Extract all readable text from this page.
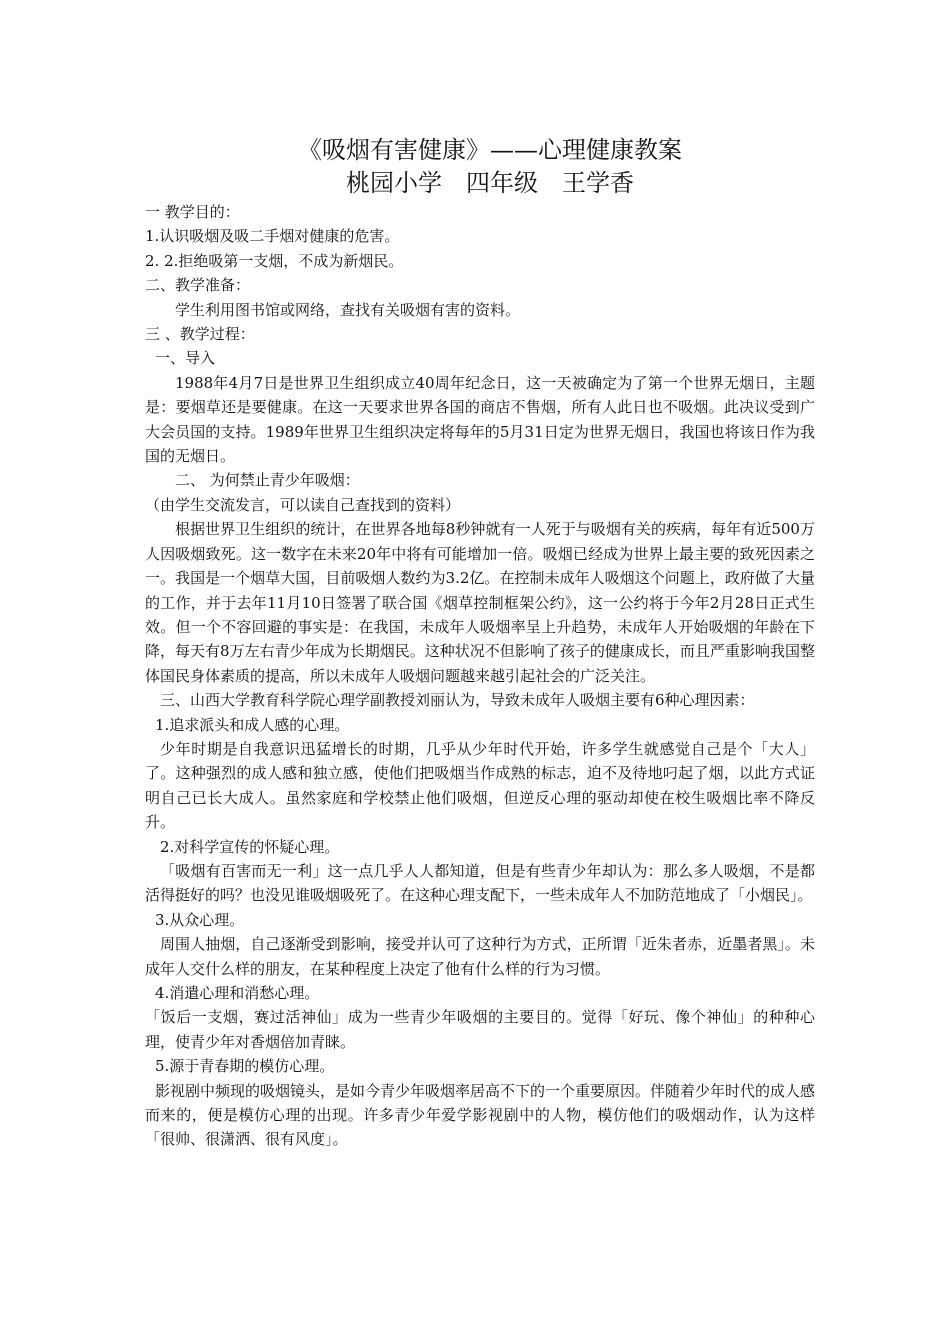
《吸烟有害健康》——心理健康教案
桃园小学　四年级　王学香

一 教学目的：

1.认识吸烟及吸二手烟对健康的危害。

2. 2.拒绝吸第一支烟，不成为新烟民。

二、教学准备：

学生利用图书馆或网络，查找有关吸烟有害的资料。

三 、教学过程：

一、导入

1988年4月7日是世界卫生组织成立40周年纪念日，这一天被确定为了第一个世界无烟日，主题是：要烟草还是要健康。在这一天要求世界各国的商店不售烟，所有人此日也不吸烟。此决议受到广大会员国的支持。1989年世界卫生组织决定将每年的5月31日定为世界无烟日，我国也将该日作为我国的无烟日。

二、 为何禁止青少年吸烟：

（由学生交流发言，可以读自己查找到的资料）

根据世界卫生组织的统计，在世界各地每8秒钟就有一人死于与吸烟有关的疾病，每年有近500万人因吸烟致死。这一数字在未来20年中将有可能增加一倍。吸烟已经成为世界上最主要的致死因素之一。我国是一个烟草大国，目前吸烟人数约为3.2亿。在控制未成年人吸烟这个问题上，政府做了大量的工作，并于去年11月10日签署了联合国《烟草控制框架公约》，这一公约将于今年2月28日正式生效。但一个不容回避的事实是：在我国，未成年人吸烟率呈上升趋势，未成年人开始吸烟的年龄在下降，每天有8万左右青少年成为长期烟民。这种状况不但影响了孩子的健康成长，而且严重影响我国整体国民身体素质的提高，所以未成年人吸烟问题越来越引起社会的广泛关注。

三、山西大学教育科学院心理学副教授刘丽认为，导致未成年人吸烟主要有6种心理因素：

1.追求派头和成人感的心理。

少年时期是自我意识迅猛增长的时期，几乎从少年时代开始，许多学生就感觉自己是个「大人」了。这种强烈的成人感和独立感，使他们把吸烟当作成熟的标志，迫不及待地叼起了烟，以此方式证明自己已长大成人。虽然家庭和学校禁止他们吸烟，但逆反心理的驱动却使在校生吸烟比率不降反升。

2.对科学宣传的怀疑心理。

「吸烟有百害而无一利」这一点几乎人人都知道，但是有些青少年却认为：那么多人吸烟，不是都活得挺好的吗？也没见谁吸烟吸死了。在这种心理支配下，一些未成年人不加防范地成了「小烟民」。

3.从众心理。

周围人抽烟，自己逐渐受到影响，接受并认可了这种行为方式，正所谓「近朱者赤，近墨者黑」。未成年人交什么样的朋友，在某种程度上决定了他有什么样的行为习惯。

4.消遣心理和消愁心理。

「饭后一支烟，赛过活神仙」成为一些青少年吸烟的主要目的。觉得「好玩、像个神仙」的种种心理，使青少年对香烟倍加青睐。

5.源于青春期的模仿心理。

影视剧中频现的吸烟镜头，是如今青少年吸烟率居高不下的一个重要原因。伴随着少年时代的成人感而来的，便是模仿心理的出现。许多青少年爱学影视剧中的人物，模仿他们的吸烟动作，认为这样「很帅、很潇洒、很有风度」。
